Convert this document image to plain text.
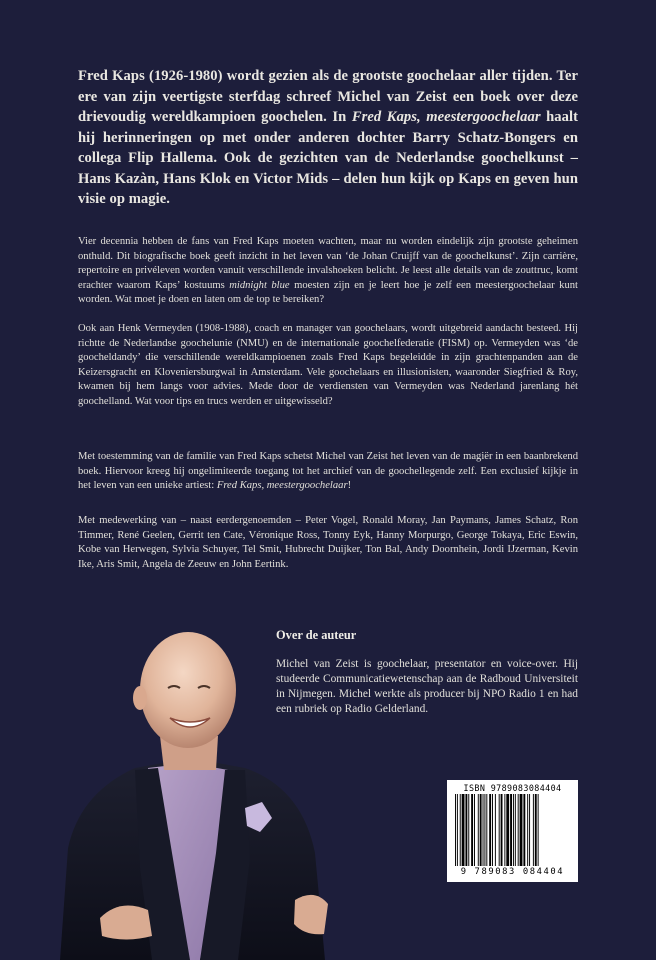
Fred Kaps (1926-1980) wordt gezien als de grootste goochelaar aller tijden. Ter ere van zijn veertigste sterfdag schreef Michel van Zeist een boek over deze drievoudig wereldkampioen goochelen. In Fred Kaps, meestergoochelaar haalt hij herinneringen op met onder anderen dochter Barry Schatz-Bongers en collega Flip Hallema. Ook de gezichten van de Nederlandse goochelkunst – Hans Kazàn, Hans Klok en Victor Mids – delen hun kijk op Kaps en geven hun visie op magie.

Vier decennia hebben de fans van Fred Kaps moeten wachten, maar nu worden eindelijk zijn grootste geheimen onthuld. Dit biografische boek geeft inzicht in het leven van ‘de Johan Cruijff van de goochelkunst’. Zijn carrière, repertoire en privéleven worden vanuit verschillende invalshoeken belicht. Je leest alle details van de zouttruc, komt erachter waarom Kaps’ kostuums midnight blue moesten zijn en je leert hoe je zelf een meestergoochelaar kunt worden. Wat moet je doen en laten om de top te bereiken?

Ook aan Henk Vermeyden (1908-1988), coach en manager van goochelaars, wordt uitgebreid aandacht besteed. Hij richtte de Nederlandse goochelunie (NMU) en de internationale goochelfederatie (FISM) op. Vermeyden was ‘de goocheldandy’ die verschillende wereldkampioenen zoals Fred Kaps begeleidde in zijn grachtenpanden aan de Keizersgracht en Kloveniersburgwal in Amsterdam. Vele goochelaars en illusionisten, waaronder Siegfried & Roy, kwamen bij hem langs voor advies. Mede door de verdiensten van Vermeyden was Nederland jarenlang hét goochelland. Wat voor tips en trucs werden er uitgewisseld?

Met toestemming van de familie van Fred Kaps schetst Michel van Zeist het leven van de magiër in een baanbrekend boek. Hiervoor kreeg hij ongelimiteerde toegang tot het archief van de goochellegende zelf. Een exclusief kijkje in het leven van een unieke artiest: Fred Kaps, meestergoochelaar!

Met medewerking van – naast eerdergenoemden – Peter Vogel, Ronald Moray, Jan Paymans, James Schatz, Ron Timmer, René Geelen, Gerrit ten Cate, Véronique Ross, Tonny Eyk, Hanny Morpurgo, George Tokaya, Eric Eswin, Kobe van Herwegen, Sylvia Schuyer, Tel Smit, Hubrecht Duijker, Ton Bal, Andy Doornhein, Jordi IJzerman, Kevin Ike, Aris Smit, Angela de Zeeuw en John Eertink.

Over de auteur

Michel van Zeist is goochelaar, presentator en voice-over. Hij studeerde Communicatiewetenschap aan de Radboud Universiteit in Nijmegen. Michel werkte als producer bij NPO Radio 1 en had een rubriek op Radio Gelderland.

ISBN 9789083084404
9 789083 084404
